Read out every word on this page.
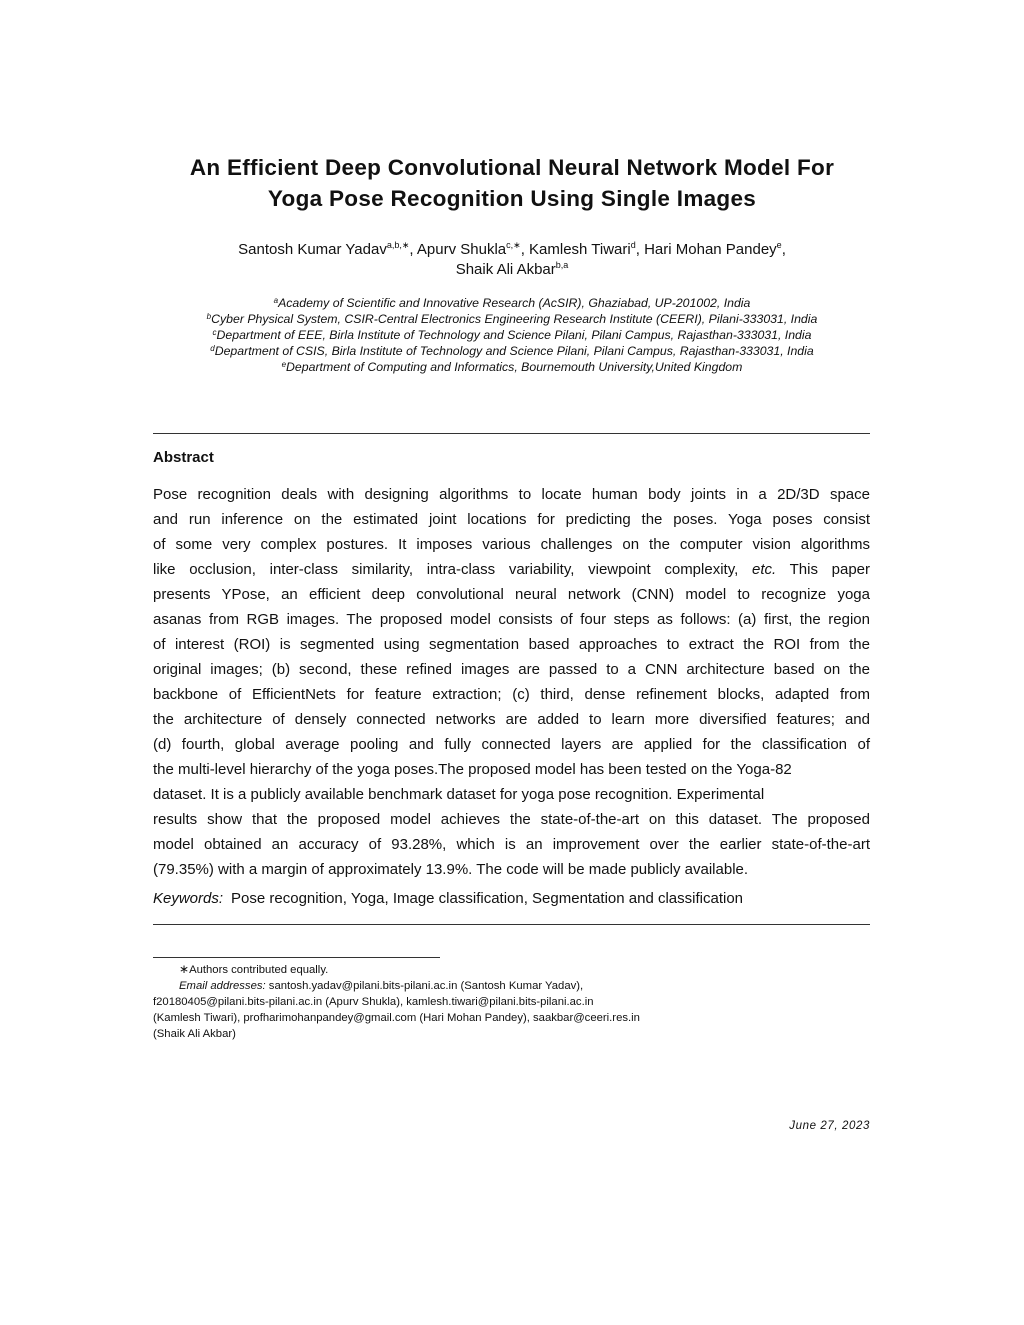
An Efficient Deep Convolutional Neural Network Model For
Yoga Pose Recognition Using Single Images
Santosh Kumar Yadav$^{a,b,∗}$, Apurv Shukla$^{c,∗}$, Kamlesh Tiwari$^d$, Hari Mohan Pandey$^e$,
Shaik Ali Akbar$^{b,a}$
$^a$Academy of Scientific and Innovative Research (AcSIR), Ghaziabad, UP-201002, India
$^b$Cyber Physical System, CSIR-Central Electronics Engineering Research Institute (CEERI), Pilani-333031, India
$^c$Department of EEE, Birla Institute of Technology and Science Pilani, Pilani Campus, Rajasthan-333031, India
$^d$Department of CSIS, Birla Institute of Technology and Science Pilani, Pilani Campus, Rajasthan-333031, India
$^e$Department of Computing and Informatics, Bournemouth University,United Kingdom
Abstract
Pose recognition deals with designing algorithms to locate human body joints in a 2D/3D space
and run inference on the estimated joint locations for predicting the poses. Yoga poses consist
of some very complex postures. It imposes various challenges on the computer vision algorithms
like occlusion, inter-class similarity, intra-class variability, viewpoint complexity, etc. This paper
presents YPose, an efficient deep convolutional neural network (CNN) model to recognize yoga
asanas from RGB images. The proposed model consists of four steps as follows: (a) first, the region
of interest (ROI) is segmented using segmentation based approaches to extract the ROI from the
original images; (b) second, these refined images are passed to a CNN architecture based on the
backbone of EfficientNets for feature extraction; (c) third, dense refinement blocks, adapted from
the architecture of densely connected networks are added to learn more diversified features; and
(d) fourth, global average pooling and fully connected layers are applied for the classification of
the multi-level hierarchy of the yoga poses.The proposed model has been tested on the Yoga-82
dataset. It is a publicly available benchmark dataset for yoga pose recognition. Experimental
results show that the proposed model achieves the state-of-the-art on this dataset. The proposed
model obtained an accuracy of 93.28%, which is an improvement over the earlier state-of-the-art
(79.35%) with a margin of approximately 13.9%. The code will be made publicly available.
Keywords: Pose recognition, Yoga, Image classification, Segmentation and classification
∗Authors contributed equally.
Email addresses: santosh.yadav@pilani.bits-pilani.ac.in (Santosh Kumar Yadav),
f20180405@pilani.bits-pilani.ac.in (Apurv Shukla), kamlesh.tiwari@pilani.bits-pilani.ac.in
(Kamlesh Tiwari), profharimohanpandey@gmail.com (Hari Mohan Pandey), saakbar@ceeri.res.in
(Shaik Ali Akbar)
June 27, 2023
